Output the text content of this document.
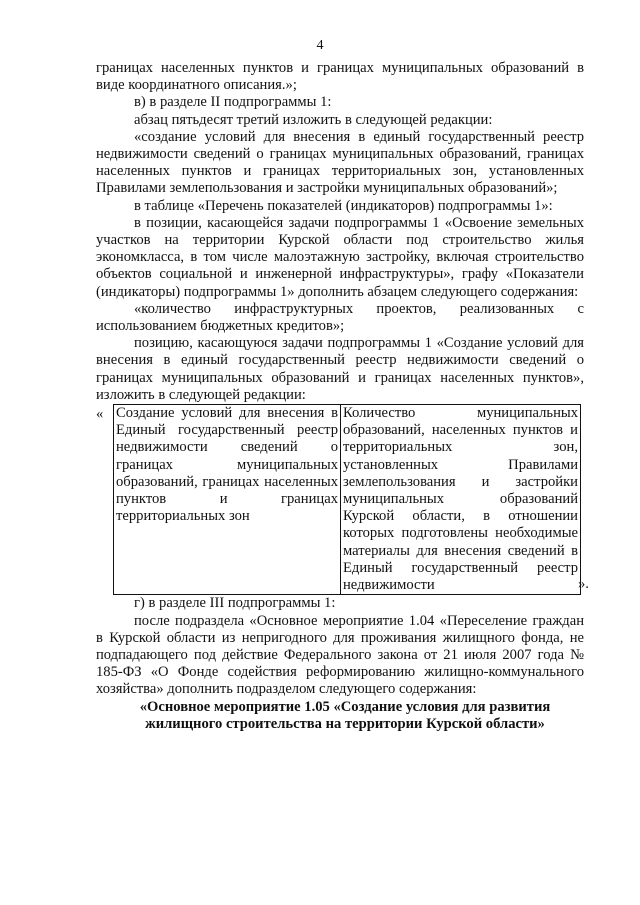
4

границах населенных пунктов и границах муниципальных образований в виде координатного описания.»;

в) в разделе II подпрограммы 1:

абзац пятьдесят третий изложить в следующей редакции:

«создание условий для внесения в единый государственный реестр недвижимости сведений о границах муниципальных образований, границах населенных пунктов и границах территориальных зон, установленных Правилами землепользования и застройки муниципальных образований»;

в таблице «Перечень показателей (индикаторов) подпрограммы 1»:

в позиции, касающейся задачи подпрограммы 1 «Освоение земельных участков на территории Курской области под строительство жилья экономкласса, в том числе малоэтажную застройку, включая строительство объектов социальной и инженерной инфраструктуры», графу «Показатели (индикаторы) подпрограммы 1» дополнить абзацем следующего содержания:

«количество инфраструктурных проектов, реализованных с использованием бюджетных кредитов»;

позицию, касающуюся задачи подпрограммы 1 «Создание условий для внесения в единый государственный реестр недвижимости сведений о границах муниципальных образований и границах населенных пунктов», изложить в следующей редакции:

« Создание условий для внесения в Единый государственный реестр недвижимости сведений о границах муниципальных образований, границах населенных пунктов и границах территориальных зон	Количество муниципальных образований, населенных пунктов и территориальных зон, установленных Правилами землепользования и застройки муниципальных образований Курской области, в отношении которых подготовлены необходимые материалы для внесения сведений в Единый государственный реестр недвижимости	».

г) в разделе III подпрограммы 1:

после подраздела «Основное мероприятие 1.04 «Переселение граждан в Курской области из непригодного для проживания жилищного фонда, не подпадающего под действие Федерального закона от 21 июля 2007 года № 185-ФЗ «О Фонде содействия реформированию жилищно-коммунального хозяйства» дополнить подразделом следующего содержания:

«Основное мероприятие 1.05 «Создание условия для развития жилищного строительства на территории Курской области»
